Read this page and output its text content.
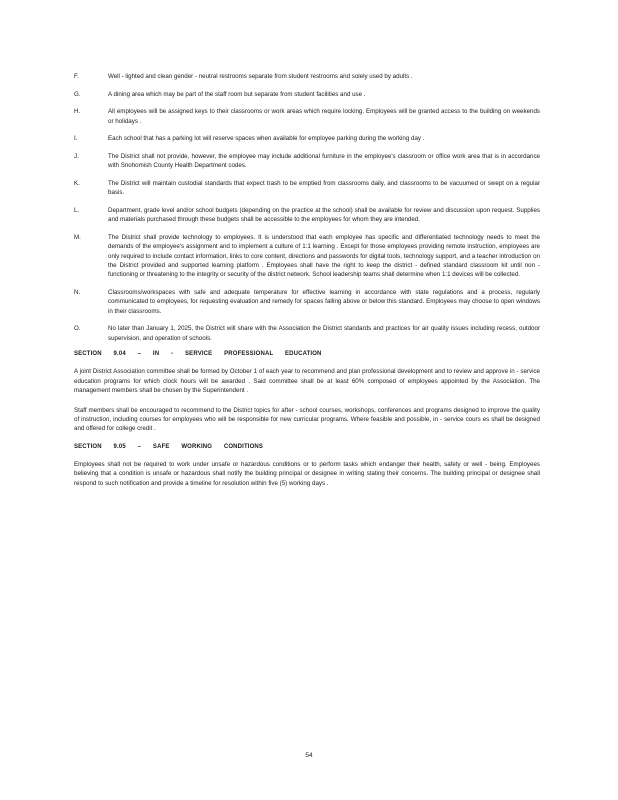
F.	Well - lighted and clean gender - neutral restrooms separate from student restrooms and solely used by adults .
G.	A dining area which may be part of the staff room but separate from student facilities and use .
H.	All employees will be assigned keys to their classrooms or work areas which require locking. Employees will be granted access to the building on weekends or holidays .
I.	Each school that has a parking lot will reserve spaces when available for employee parking during the working day .
J.	The District shall not provide, however, the employee may include additional furniture in the employee's classroom or office work area that is in accordance with Snohomish County Health Department codes.
K.	The District will maintain custodial standards that expect trash to be emptied from classrooms daily, and classrooms to be vacuumed or swept on a regular basis.
L.	Department, grade level and/or school budgets (depending on the practice at the school) shall be available for review and discussion upon request. Supplies and materials purchased through these budgets shall be accessible to the employees for whom they are intended.
M.	The District shall provide technology to employees. It is understood that each employee has specific and differentiated technology needs to meet the demands of the employee's assignment and to implement a culture of 1:1 learning . Except for those employees providing remote instruction, employees are only required to include contact information, links to core content, directions and passwords for digital tools, technology support, and a teacher introduction on the District provided and supported learning platform . Employees shall have the right to keep the district - defined standard classroom kit until non - functioning or threatening to the integrity or security of the district network. School leadership teams shall determine when 1:1 devices will be collected.
N.	Classrooms/workspaces with safe and adequate temperature for effective learning in accordance with state regulations and a process, regularly communicated to employees, for requesting evaluation and remedy for spaces falling above or below this standard. Employees may choose to open windows in their classrooms.
O.	No later than January 1, 2025, the District will share with the Association the District standards and practices for air quality issues including recess, outdoor supervision, and operation of schools.
SECTION 9.04 – IN - SERVICE PROFESSIONAL EDUCATION
A joint District Association committee shall be formed by October 1 of each year to recommend and plan professional development and to review and approve in - service education programs for which clock hours will be awarded . Said committee shall be at least 60% composed of employees appointed by the Association. The management members shall be chosen by the Superintendent .
Staff members shall be encouraged to recommend to the District topics for after - school courses, workshops, conferences and programs designed to improve the quality of instruction, including courses for employees who will be responsible for new curricular programs. Where feasible and possible, in - service cours es shall be designed and offered for college credit .
SECTION 9.05 – SAFE WORKING CONDITIONS
Employees shall not be required to work under unsafe or hazardous conditions or to perform tasks which endanger their health, safety or well - being. Employees believing that a condition is unsafe or hazardous shall notify the building principal or designee in writing stating their concerns. The building principal or designee shall respond to such notification and provide a timeline for resolution within five (5) working days .
54
